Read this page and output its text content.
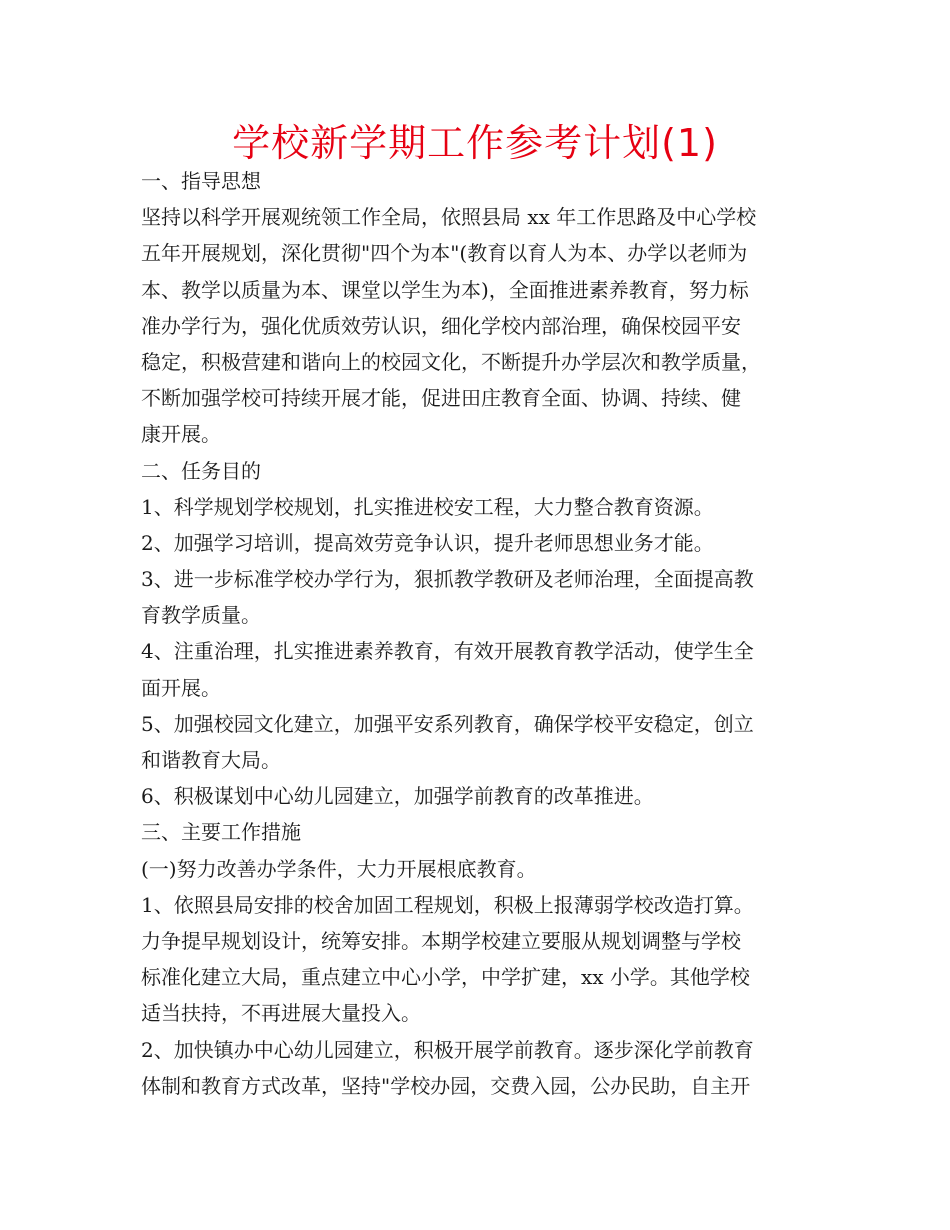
学校新学期工作参考计划(1)
一、指导思想
坚持以科学开展观统领工作全局，依照县局 xx 年工作思路及中心学校
五年开展规划，深化贯彻"四个为本"(教育以育人为本、办学以老师为
本、教学以质量为本、课堂以学生为本)，全面推进素养教育，努力标
准办学行为，强化优质效劳认识，细化学校内部治理，确保校园平安
稳定，积极营建和谐向上的校园文化，不断提升办学层次和教学质量，
不断加强学校可持续开展才能，促进田庄教育全面、协调、持续、健
康开展。
二、任务目的
1、科学规划学校规划，扎实推进校安工程，大力整合教育资源。
2、加强学习培训，提高效劳竞争认识，提升老师思想业务才能。
3、进一步标准学校办学行为，狠抓教学教研及老师治理，全面提高教
育教学质量。
4、注重治理，扎实推进素养教育，有效开展教育教学活动，使学生全
面开展。
5、加强校园文化建立，加强平安系列教育，确保学校平安稳定，创立
和谐教育大局。
6、积极谋划中心幼儿园建立，加强学前教育的改革推进。
三、主要工作措施
(一)努力改善办学条件，大力开展根底教育。
1、依照县局安排的校舍加固工程规划，积极上报薄弱学校改造打算。
力争提早规划设计，统筹安排。本期学校建立要服从规划调整与学校
标准化建立大局，重点建立中心小学，中学扩建，xx 小学。其他学校
适当扶持，不再进展大量投入。
2、加快镇办中心幼儿园建立，积极开展学前教育。逐步深化学前教育
体制和教育方式改革，坚持"学校办园，交费入园，公办民助，自主开
